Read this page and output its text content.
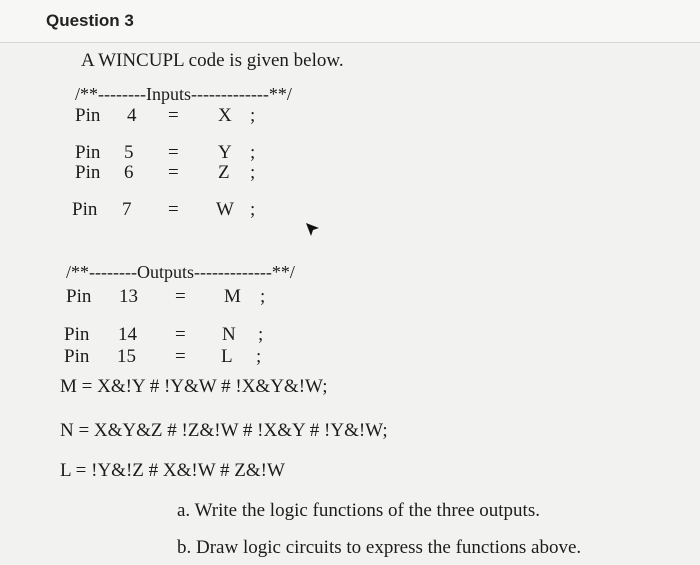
Question 3
A WINCUPL code is given below.
/**--------Inputs-------------**/
Pin 4 = X ;
Pin 5 = Y ;
Pin 6 = Z ;
Pin 7 = W ;
/**--------Outputs-------------**/
Pin 13 = M ;
Pin 14 = N ;
Pin 15 = L ;
M = X&!Y # !Y&W # !X&Y&!W;
N = X&Y&Z # !Z&!W # !X&Y # !Y&!W;
L = !Y&!Z # X&!W # Z&!W
a. Write the logic functions of the three outputs.
b. Draw logic circuits to express the functions above.
